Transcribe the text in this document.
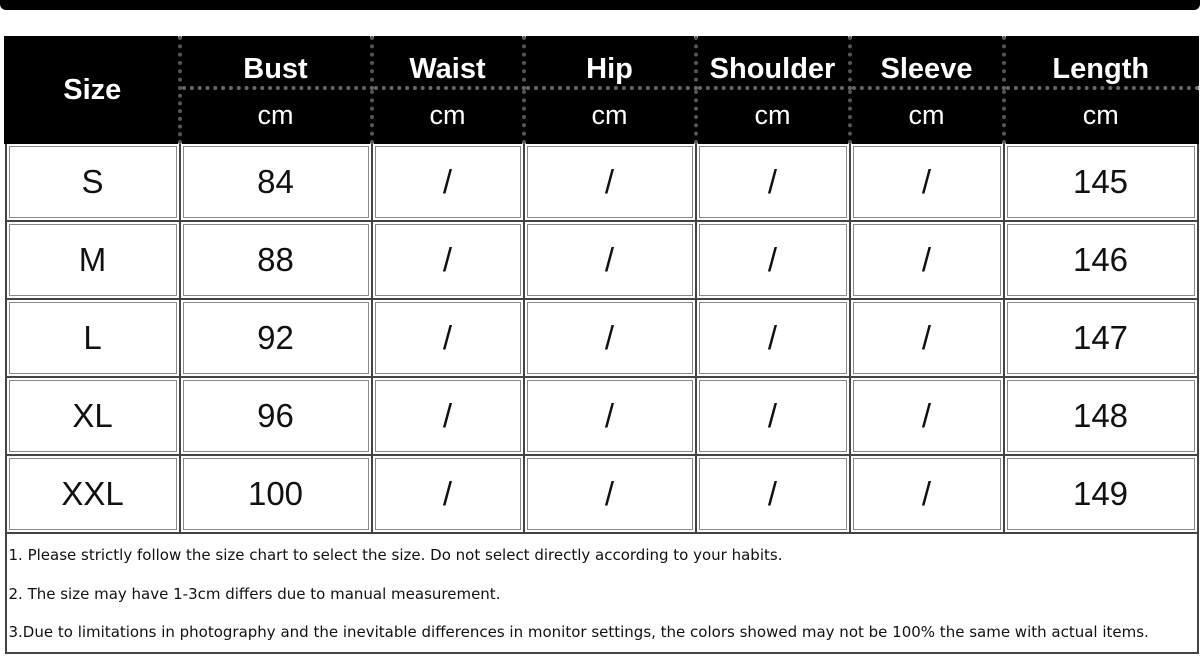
Size	Bust	Waist	Hip	Shoulder	Sleeve	Length
	cm	cm	cm	cm	cm	cm
S	84	/	/	/	/	145
M	88	/	/	/	/	146
L	92	/	/	/	/	147
XL	96	/	/	/	/	148
XXL	100	/	/	/	/	149

1. Please strictly follow the size chart to select the size. Do not select directly according to your habits.
2. The size may have 1-3cm differs due to manual measurement.
3.Due to limitations in photography and the inevitable differences in monitor settings, the colors showed may not be 100% the same with actual items.						
